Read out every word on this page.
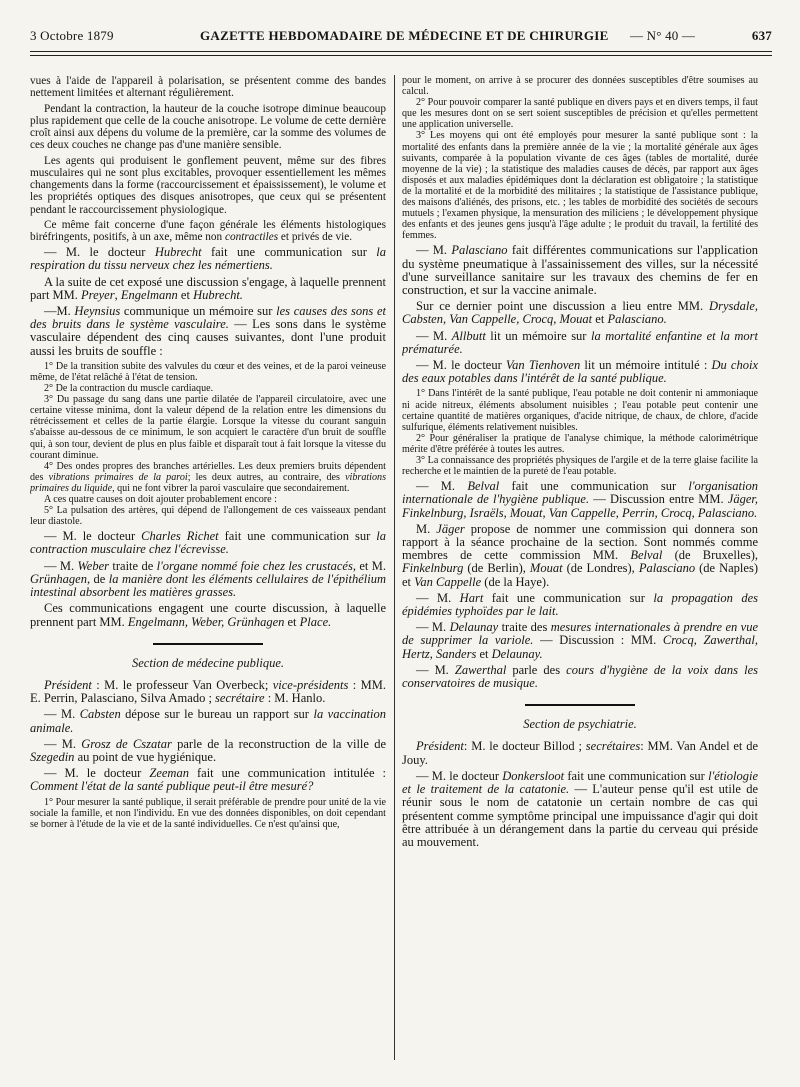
3 Octobre 1879	GAZETTE HEBDOMADAIRE DE MÉDECINE ET DE CHIRURGIE — N° 40 —	637

vues à l'aide de l'appareil à polarisation, se présentent comme des bandes nettement limitées et alternant régulièrement.

Pendant la contraction, la hauteur de la couche isotrope diminue beaucoup plus rapidement que celle de la couche anisotrope. Le volume de cette dernière croît ainsi aux dépens du volume de la première, car la somme des volumes de ces deux couches ne change pas d'une manière sensible.

Les agents qui produisent le gonflement peuvent, même sur des fibres musculaires qui ne sont plus excitables, provoquer essentiellement les mêmes changements dans la forme (raccourcissement et épaississement), le volume et les propriétés optiques des disques anisotropes, que ceux qui se présentent pendant le raccourcissement physiologique.

Ce même fait concerne d'une façon générale les éléments histologiques biréfringents, positifs, à un axe, même non contractiles et privés de vie.

— M. le docteur Hubrecht fait une communication sur la respiration du tissu nerveux chez les némertiens.

A la suite de cet exposé une discussion s'engage, à laquelle prennent part MM. Preyer, Engelmann et Hubrecht.

—M. Heynsius communique un mémoire sur les causes des sons et des bruits dans le système vasculaire. — Les sons dans le système vasculaire dépendent des cinq causes suivantes, dont l'une produit aussi les bruits de souffle :

1° De la transition subite des valvules du cœur et des veines, et de la paroi veineuse même, de l'état relâché à l'état de tension.

2° De la contraction du muscle cardiaque.

3° Du passage du sang dans une partie dilatée de l'appareil circulatoire, avec une certaine vitesse minima, dont la valeur dépend de la relation entre les dimensions du rétrécissement et celles de la partie élargie. Lorsque la vitesse du courant sanguin s'abaisse au-dessous de ce minimum, le son acquiert le caractère d'un bruit de souffle qui, à son tour, devient de plus en plus faible et disparaît tout à fait lorsque la vitesse du courant diminue.

4° Des ondes propres des branches artérielles. Les deux premiers bruits dépendent des vibrations primaires de la paroi; les deux autres, au contraire, des vibrations primaires du liquide, qui ne font vibrer la paroi vasculaire que secondairement.

A ces quatre causes on doit ajouter probablement encore :

5° La pulsation des artères, qui dépend de l'allongement de ces vaisseaux pendant leur diastole.

— M. le docteur Charles Richet fait une communication sur la contraction musculaire chez l'écrevisse.

— M. Weber traite de l'organe nommé foie chez les crustacés, et M. Grünhagen, de la manière dont les éléments cellulaires de l'épithélium intestinal absorbent les matières grasses.

Ces communications engagent une courte discussion, à laquelle prennent part MM. Engelmann, Weber, Grünhagen et Place.

Section de médecine publique.

Président : M. le professeur Van Overbeck; vice-présidents : MM. E. Perrin, Palasciano, Silva Amado ; secrétaire : M. Hanlo.

— M. Cabsten dépose sur le bureau un rapport sur la vaccination animale.

— M. Grosz de Cszatar parle de la reconstruction de la ville de Szegedin au point de vue hygiénique.

— M. le docteur Zeeman fait une communication intitulée : Comment l'état de la santé publique peut-il être mesuré?

1° Pour mesurer la santé publique, il serait préférable de prendre pour unité de la vie sociale la famille, et non l'individu. En vue des données disponibles, on doit cependant se borner à l'étude de la vie et de la santé individuelles. Ce n'est qu'ainsi que,

pour le moment, on arrive à se procurer des données susceptibles d'être soumises au calcul.

2° Pour pouvoir comparer la santé publique en divers pays et en divers temps, il faut que les mesures dont on se sert soient susceptibles de précision et qu'elles permettent une application universelle.

3° Les moyens qui ont été employés pour mesurer la santé publique sont : la mortalité des enfants dans la première année de la vie ; la mortalité générale aux âges suivants, comparée à la population vivante de ces âges (tables de mortalité, durée moyenne de la vie) ; la statistique des maladies causes de décès, par rapport aux âges disposés et aux maladies épidémiques dont la déclaration est obligatoire ; la statistique de la mortalité et de la morbidité des militaires ; la statistique de l'assistance publique, des maisons d'aliénés, des prisons, etc. ; les tables de morbidité des sociétés de secours mutuels ; l'examen physique, la mensuration des miliciens ; le développement physique des enfants et des jeunes gens jusqu'à l'âge adulte ; le produit du travail, la fertilité des femmes.

— M. Palasciano fait différentes communications sur l'application du système pneumatique à l'assainissement des villes, sur la nécessité d'une surveillance sanitaire sur les travaux des chemins de fer en construction, et sur la vaccine animale.

Sur ce dernier point une discussion a lieu entre MM. Drysdale, Cabsten, Van Cappelle, Crocq, Mouat et Palasciano.

— M. Allbutt lit un mémoire sur la mortalité enfantine et la mort prématurée.

— M. le docteur Van Tienhoven lit un mémoire intitulé : Du choix des eaux potables dans l'intérêt de la santé publique.

1° Dans l'intérêt de la santé publique, l'eau potable ne doit contenir ni ammoniaque ni acide nitreux, éléments absolument nuisibles ; l'eau potable peut contenir une certaine quantité de matières organiques, d'acide nitrique, de chaux, de chlore, d'acide sulfurique, éléments relativement nuisibles.

2° Pour généraliser la pratique de l'analyse chimique, la méthode calorimétrique mérite d'être préférée à toutes les autres.

3° La connaissance des propriétés physiques de l'argile et de la terre glaise facilite la recherche et le maintien de la pureté de l'eau potable.

— M. Belval fait une communication sur l'organisation internationale de l'hygiène publique. — Discussion entre MM. Jäger, Finkelnburg, Israëls, Mouat, Van Cappelle, Perrin, Crocq, Palasciano.

M. Jäger propose de nommer une commission qui donnera son rapport à la séance prochaine de la section. Sont nommés comme membres de cette commission MM. Belval (de Bruxelles), Finkelnburg (de Berlin), Mouat (de Londres), Palasciano (de Naples) et Van Cappelle (de la Haye).

— M. Hart fait une communication sur la propagation des épidémies typhoïdes par le lait.

— M. Delaunay traite des mesures internationales à prendre en vue de supprimer la variole. — Discussion : MM. Crocq, Zawerthal, Hertz, Sanders et Delaunay.

— M. Zawerthal parle des cours d'hygiène de la voix dans les conservatoires de musique.

Section de psychiatrie.

Président: M. le docteur Billod ; secrétaires: MM. Van Andel et de Jouy.

— M. le docteur Donkersloot fait une communication sur l'étiologie et le traitement de la catatonie. — L'auteur pense qu'il est utile de réunir sous le nom de catatonie un certain nombre de cas qui présentent comme symptôme principal une impuissance d'agir qui doit être attribuée à un dérangement dans la partie du cerveau qui préside au mouvement.
